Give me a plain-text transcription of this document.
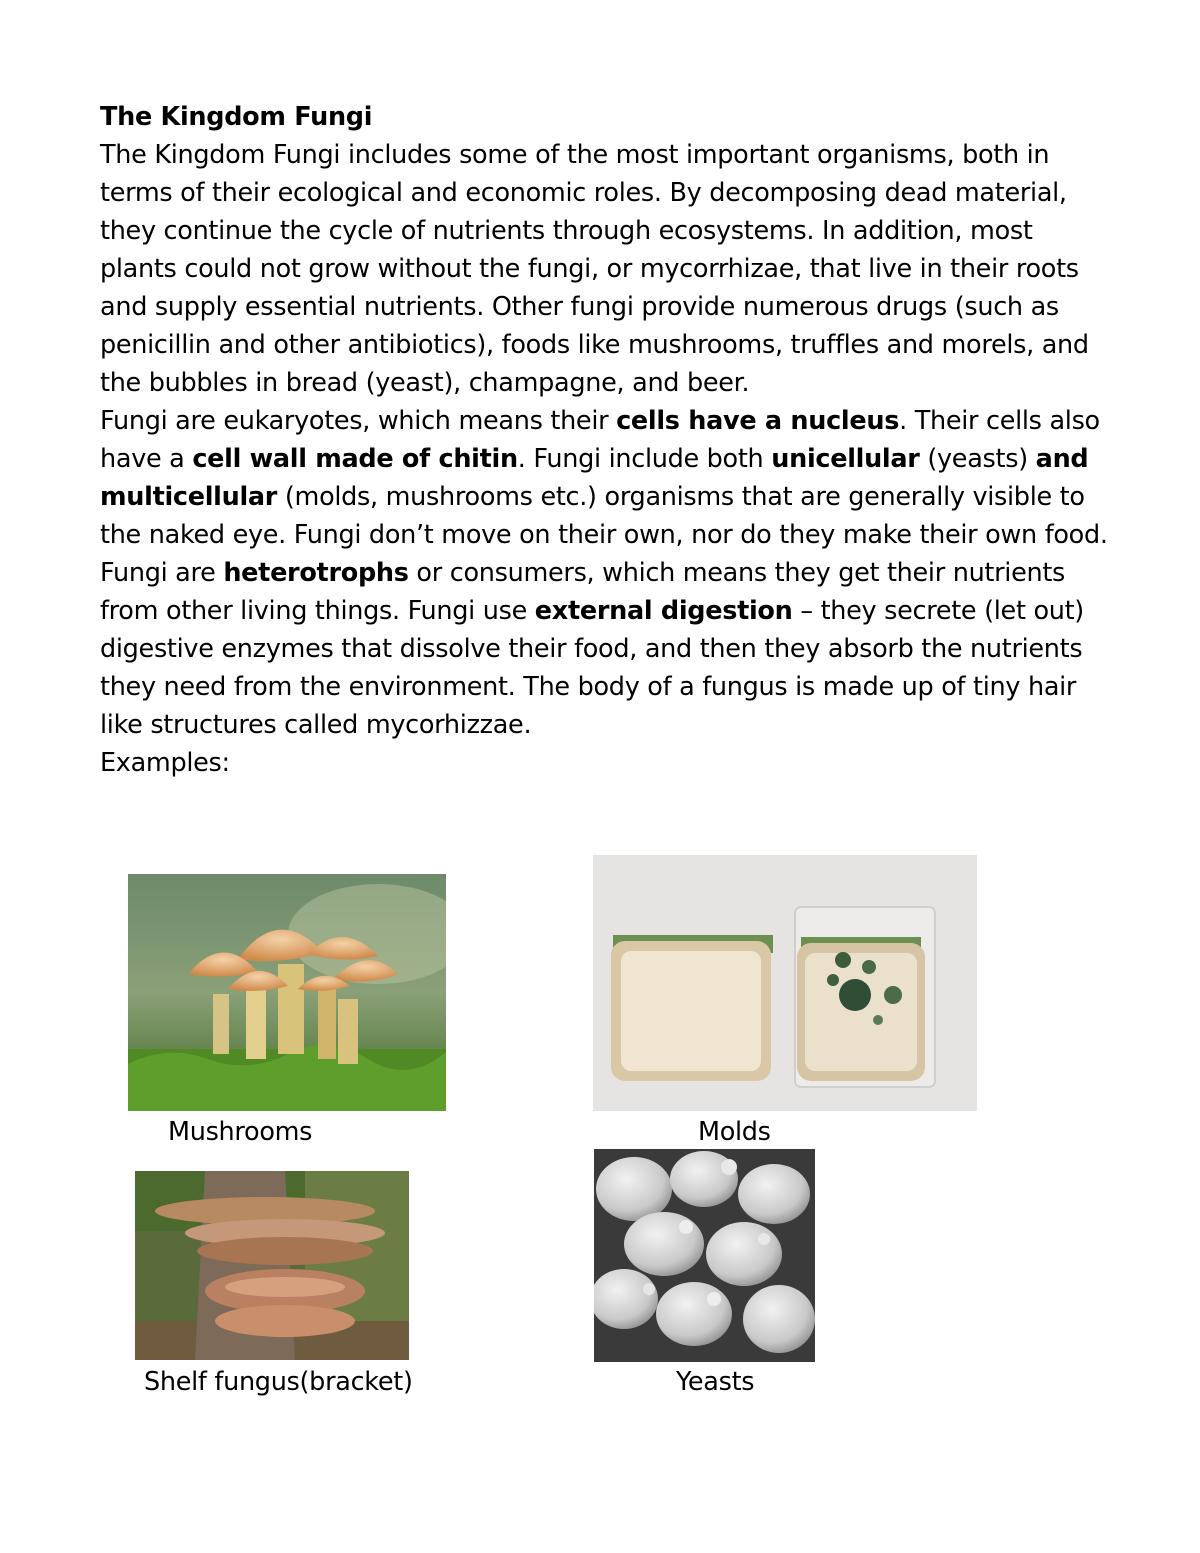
The Kingdom Fungi

The Kingdom Fungi includes some of the most important organisms, both in terms of their ecological and economic roles. By decomposing dead material, they continue the cycle of nutrients through ecosystems. In addition, most plants could not grow without the fungi, or mycorrhizae, that live in their roots and supply essential nutrients. Other fungi provide numerous drugs (such as penicillin and other antibiotics), foods like mushrooms, truffles and morels, and the bubbles in bread (yeast), champagne, and beer.

Fungi are eukaryotes, which means their cells have a nucleus. Their cells also have a cell wall made of chitin. Fungi include both unicellular (yeasts) and multicellular (molds, mushrooms etc.) organisms that are generally visible to the naked eye. Fungi don’t move on their own, nor do they make their own food. Fungi are heterotrophs or consumers, which means they get their nutrients from other living things. Fungi use external digestion – they secrete (let out) digestive enzymes that dissolve their food, and then they absorb the nutrients they need from the environment. The body of a fungus is made up of tiny hair like structures called mycorhizzae.

Examples:

Mushrooms	Molds
Shelf fungus(bracket)	Yeasts
